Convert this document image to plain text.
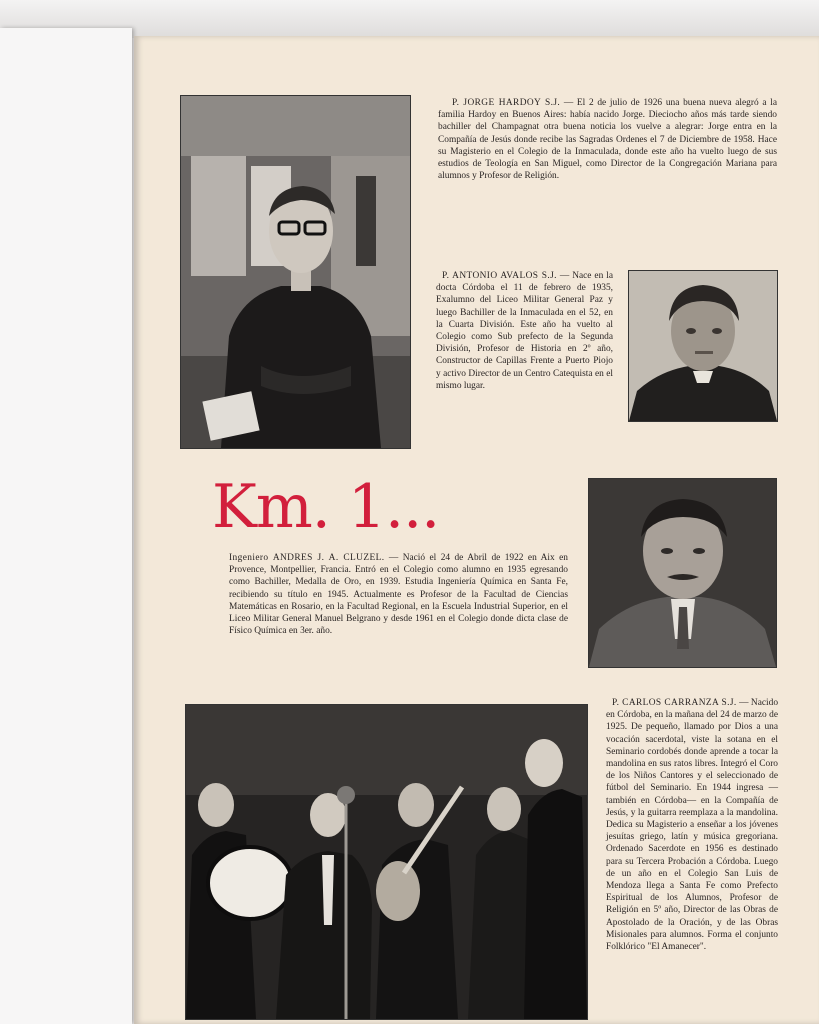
P. JORGE HARDOY S.J. — El 2 de julio de 1926 una buena nueva alegró a la familia Hardoy en Buenos Aires: había nacido Jorge. Dieciocho años más tarde siendo bachiller del Champagnat otra buena noticia los vuelve a alegrar: Jorge entra en la Compañía de Jesús donde recibe las Sagradas Ordenes el 7 de Diciembre de 1958. Hace su Magisterio en el Colegio de la Inmaculada, donde este año ha vuelto luego de sus estudios de Teología en San Miguel, como Director de la Congregación Mariana para alumnos y Profesor de Religión.

P. ANTONIO AVALOS S.J. — Nace en la docta Córdoba el 11 de febrero de 1935, Exalumno del Liceo Militar General Paz y luego Bachiller de la Inmaculada en el 52, en la Cuarta División. Este año ha vuelto al Colegio como Sub prefecto de la Segunda División, Profesor de Historia en 2º año, Constructor de Capillas Frente a Puerto Piojo y activo Director de un Centro Catequista en el mismo lugar.

Km. 1...

Ingeniero ANDRES J. A. CLUZEL. — Nació el 24 de Abril de 1922 en Aix en Provence, Montpellier, Francia. Entró en el Colegio como alumno en 1935 egresando como Bachiller, Medalla de Oro, en 1939. Estudia Ingeniería Química en Santa Fe, recibiendo su título en 1945. Actualmente es Profesor de la Facultad de Ciencias Matemáticas en Rosario, en la Facultad Regional, en la Escuela Industrial Superior, en el Liceo Militar General Manuel Belgrano y desde 1961 en el Colegio donde dicta clase de Físico Química en 3er. año.

P. CARLOS CARRANZA S.J. — Nacido en Córdoba, en la mañana del 24 de marzo de 1925. De pequeño, llamado por Dios a una vocación sacerdotal, viste la sotana en el Seminario cordobés donde aprende a tocar la mandolina en sus ratos libres. Integró el Coro de los Niños Cantores y el seleccionado de fútbol del Seminario. En 1944 ingresa —también en Córdoba— en la Compañía de Jesús, y la guitarra reemplaza a la mandolina. Dedica su Magisterio a enseñar a los jóvenes jesuítas griego, latín y música gregoriana. Ordenado Sacerdote en 1956 es destinado para su Tercera Probación a Córdoba. Luego de un año en el Colegio San Luis de Mendoza llega a Santa Fe como Prefecto Espiritual de los Alumnos, Profesor de Religión en 5º año, Director de las Obras de Apostolado de la Oración, y de las Obras Misionales para alumnos. Forma el conjunto Folklórico "El Amanecer".
